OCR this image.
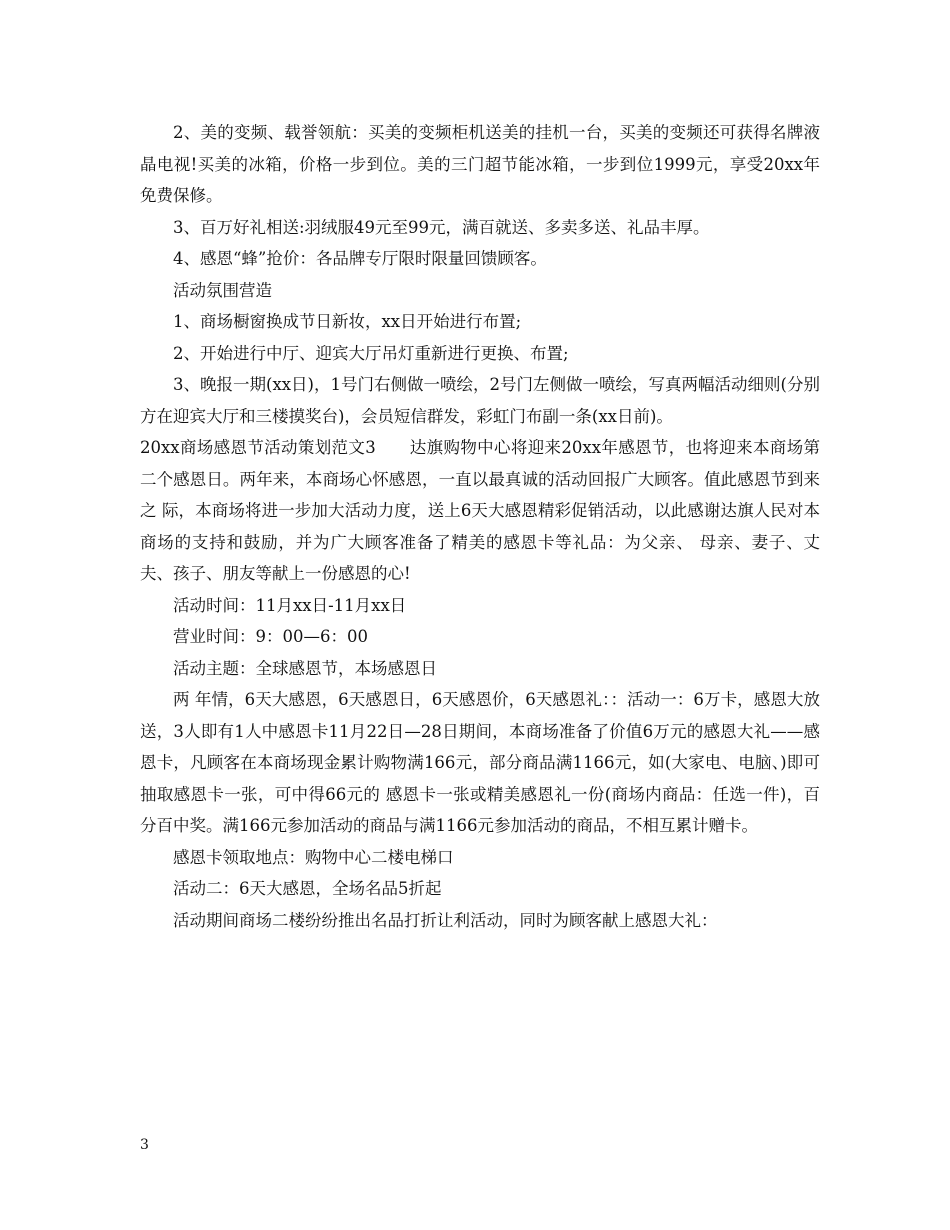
2、美的变频、载誉领航：买美的变频柜机送美的挂机一台，买美的变频还可获得名牌液晶电视!买美的冰箱，价格一步到位。美的三门超节能冰箱，一步到位1999元，享受20xx年免费保修。

3、百万好礼相送:羽绒服49元至99元，满百就送、多卖多送、礼品丰厚。

4、感恩“蜂”抢价：各品牌专厅限时限量回馈顾客。

活动氛围营造

1、商场橱窗换成节日新妆，xx日开始进行布置;

2、开始进行中厅、迎宾大厅吊灯重新进行更换、布置;

3、晚报一期(xx日)，1号门右侧做一喷绘，2号门左侧做一喷绘，写真两幅活动细则(分别方在迎宾大厅和三楼摸奖台)，会员短信群发，彩虹门布副一条(xx日前)。

20xx商场感恩节活动策划范文3　　达旗购物中心将迎来20xx年感恩节，也将迎来本商场第二个感恩日。两年来，本商场心怀感恩，一直以最真诚的活动回报广大顾客。值此感恩节到来之 际，本商场将进一步加大活动力度，送上6天大感恩精彩促销活动，以此感谢达旗人民对本商场的支持和鼓励，并为广大顾客准备了精美的感恩卡等礼品：为父亲、 母亲、妻子、丈夫、孩子、朋友等献上一份感恩的心!

活动时间：11月xx日-11月xx日

营业时间：9：00—6：00

活动主题：全球感恩节，本场感恩日

两 年情，6天大感恩，6天感恩日，6天感恩价，6天感恩礼：：活动一：6万卡，感恩大放送，3人即有1人中感恩卡11月22日—28日期间，本商场准备了价值6万元的感恩大礼——感恩卡，凡顾客在本商场现金累计购物满166元，部分商品满1166元，如(大家电、电脑、)即可抽取感恩卡一张，可中得66元的 感恩卡一张或精美感恩礼一份(商场内商品：任选一件)，百分百中奖。满166元参加活动的商品与满1166元参加活动的商品，不相互累计赠卡。

感恩卡领取地点：购物中心二楼电梯口

活动二：6天大感恩，全场名品5折起

活动期间商场二楼纷纷推出名品打折让利活动，同时为顾客献上感恩大礼：

3
